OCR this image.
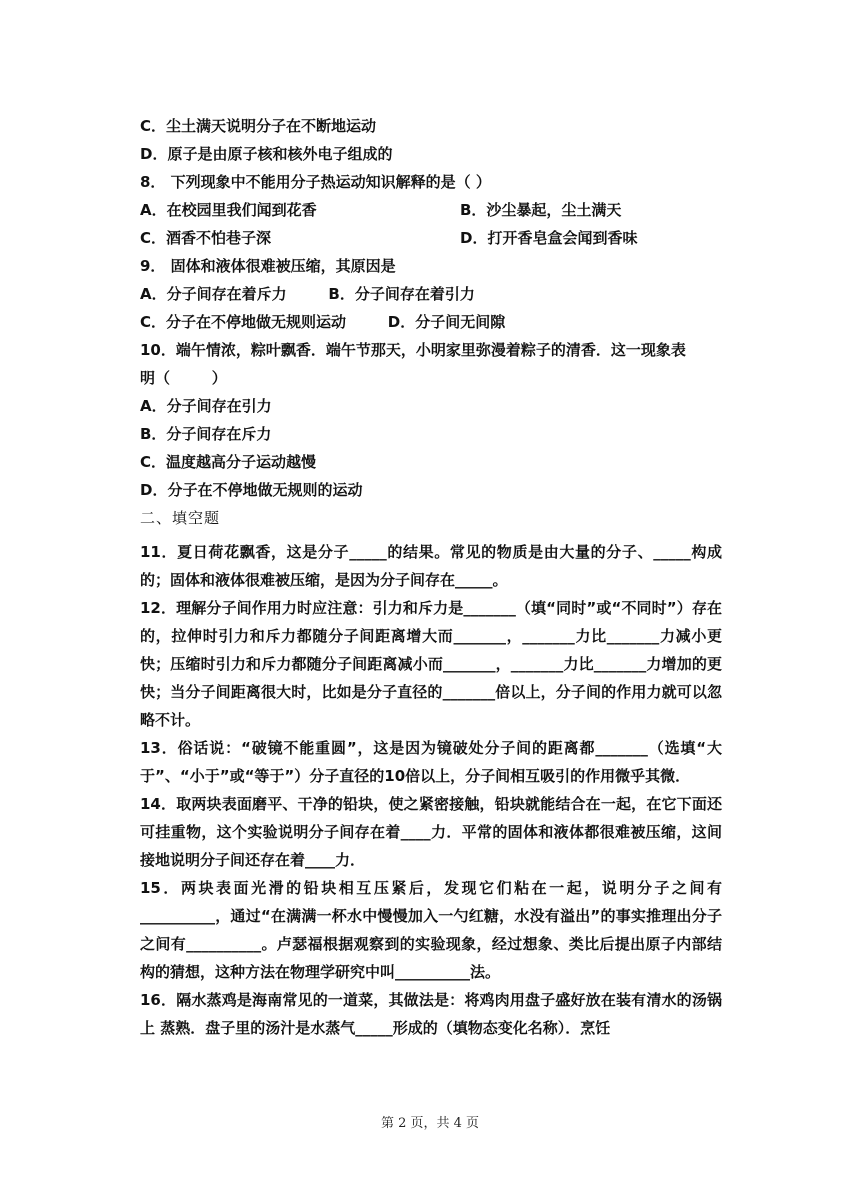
C．尘土满天说明分子在不断地运动
D．原子是由原子核和核外电子组成的
8． 下列现象中不能用分子热运动知识解释的是（ ）
A．在校园里我们闻到花香	B．沙尘暴起，尘土满天
C．酒香不怕巷子深	D．打开香皂盒会闻到香味
9． 固体和液体很难被压缩，其原因是
A．分子间存在着斥力        B．分子间存在着引力
C．分子在不停地做无规则运动        D．分子间无间隙
10．端午情浓，粽叶飘香．端午节那天，小明家里弥漫着粽子的清香．这一现象表
明（        ）
A．分子间存在引力
B．分子间存在斥力
C．温度越高分子运动越慢
D．分子在不停地做无规则的运动
二、填空题
11．夏日荷花飘香，这是分子_____的结果。常见的物质是由大量的分子、_____构成的；固体和液体很难被压缩，是因为分子间存在_____。
12．理解分子间作用力时应注意：引力和斥力是_______（填“同时”或“不同时”）存在的，拉伸时引力和斥力都随分子间距离增大而_______，_______力比_______力减小更快；压缩时引力和斥力都随分子间距离减小而_______，_______力比_______力增加的更快；当分子间距离很大时，比如是分子直径的_______倍以上，分子间的作用力就可以忽略不计。
13．俗话说：“破镜不能重圆”，这是因为镜破处分子间的距离都_______（选填“大于”、“小于”或“等于”）分子直径的10倍以上，分子间相互吸引的作用微乎其微．
14．取两块表面磨平、干净的铅块，使之紧密接触，铅块就能结合在一起，在它下面还可挂重物，这个实验说明分子间存在着____力．平常的固体和液体都很难被压缩，这间接地说明分子间还存在着____力．
15．两块表面光滑的铅块相互压紧后，发现它们粘在一起，说明分子之间有__________，通过“在满满一杯水中慢慢加入一勺红糖，水没有溢出”的事实推理出分子之间有__________。卢瑟福根据观察到的实验现象，经过想象、类比后提出原子内部结构的猜想，这种方法在物理学研究中叫__________法。
16．隔水蒸鸡是海南常见的一道菜，其做法是：将鸡肉用盘子盛好放在装有清水的汤锅上 蒸熟．盘子里的汤汁是水蒸气_____形成的（填物态变化名称）．烹饪
第 2 页，共 4 页
